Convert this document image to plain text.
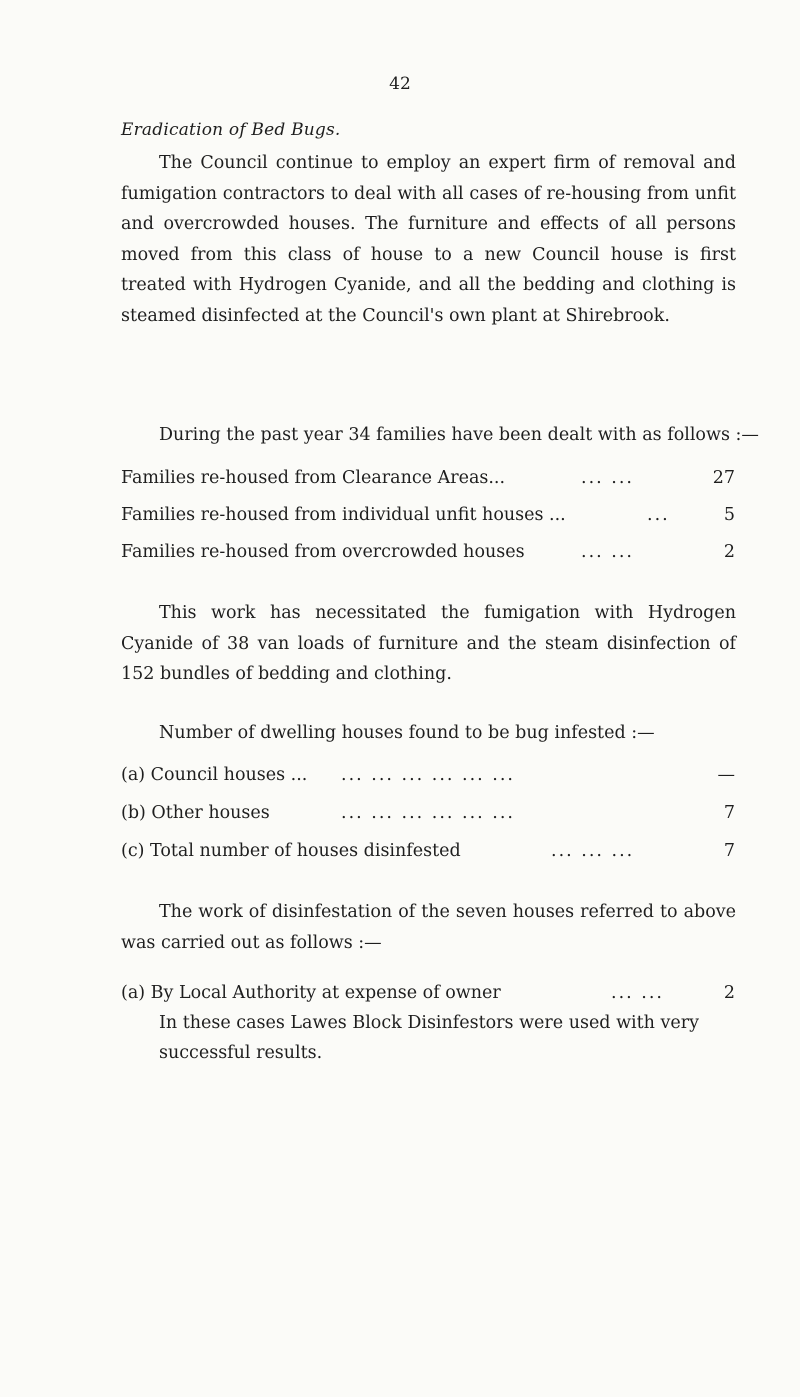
42
Eradication of Bed Bugs.

The Council continue to employ an expert firm of removal and fumigation contractors to deal with all cases of re-housing from unfit and overcrowded houses. The furniture and effects of all persons moved from this class of house to a new Council house is first treated with Hydrogen Cyanide, and all the bedding and clothing is steamed disinfected at the Council's own plant at Shirebrook.

During the past year 34 families have been dealt with as follows :—
Families re-housed from Clearance Areas...	... ...	27
Families re-housed from individual unfit houses ...	...	5
Families re-housed from overcrowded houses	... ...	2

This work has necessitated the fumigation with Hydrogen Cyanide of 38 van loads of furniture and the steam disinfection of 152 bundles of bedding and clothing.

Number of dwelling houses found to be bug infested :—
(a) Council houses ... ... ... ... ... ... ...	—
(b) Other houses	... ... ... ... ... ...	7
(c) Total number of houses disinfested	... ... ...	7

The work of disinfestation of the seven houses referred to above was carried out as follows :—

(a) By Local Authority at expense of owner	... ...	2

In these cases Lawes Block Disinfestors were used with very successful results.
